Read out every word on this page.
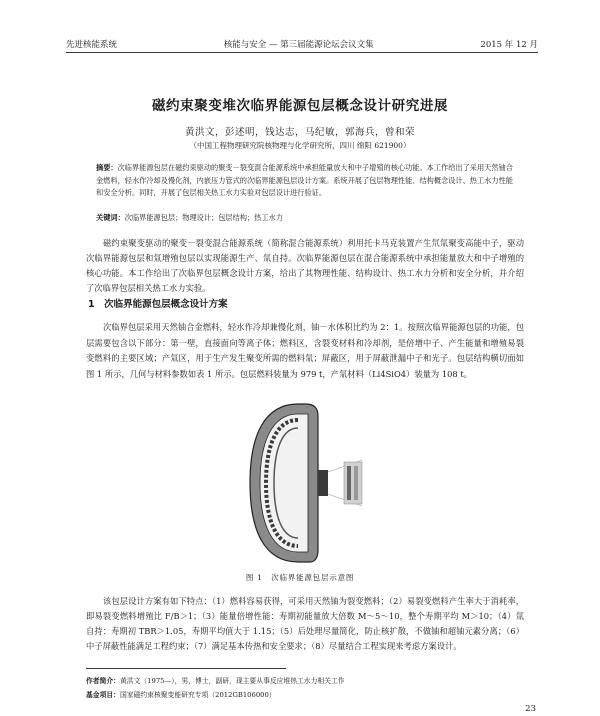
先进核能系统	核能与安全 — 第三届能源论坛会议文集	2015 年 12 月
磁约束聚变堆次临界能源包层概念设计研究进展
黄洪文，彭述明，钱达志，马纪敏，郭海兵，曾和荣
（中国工程物理研究院核物理与化学研究所，四川 绵阳 621900）
摘要：次临界能源包层在磁约束驱动的聚变－裂变混合能源系统中承担能量放大和中子增殖的核心功能。本工作给出了采用天然铀合金燃料，轻水作冷却及慢化剂，内嵌压力管式的次临界能源包层设计方案。系统开展了包层物理性能、结构概念设计、热工水力性能和安全分析。同时，开展了包层相关热工水力实验对包层设计进行验证。
关键词：次临界能源包层；物理设计；包层结构；热工水力
磁约束聚变驱动的聚变－裂变混合能源系统（简称混合能源系统）利用托卡马克装置产生氘氚聚变高能中子，驱动次临界能源包层和氚增殖包层以实现能源生产、氚自持。次临界能源包层在混合能源系统中承担能量放大和中子增殖的核心功能。本工作给出了次临界包层概念设计方案，给出了其物理性能、结构设计、热工水力分析和安全分析，并介绍了次临界包层相关热工水力实验。
1　次临界能源包层概念设计方案
次临界包层采用天然铀合金燃料，轻水作冷却兼慢化剂，铀－水体积比约为 2：1。按照次临界能源包层的功能，包层需要包含以下部分：第一壁，直接面向等离子体；燃料区，含裂变材料和冷却剂，是倍增中子、产生能量和增殖易裂变燃料的主要区域；产氚区，用于生产发生聚变所需的燃料氚；屏蔽区，用于屏蔽泄漏中子和光子。包层结构横切面如图 1 所示，几何与材料参数如表 1 所示。包层燃料装量为 979 t，产氚材料（Li4SiO4）装量为 108 t。
图 1　次临界能源包层示意图
该包层设计方案有如下特点：（1）燃料容易获得，可采用天然铀为裂变燃料；（2）易裂变燃料产生率大于消耗率，即易裂变燃料增殖比 F/B＞1；（3）能量倍增性能：寿期初能量放大倍数 M～5～10，整个寿期平均 M＞10；（4）氚自持：寿期初 TBR＞1.05，寿期平均值大于 1.15；（5）后处理尽量简化，防止核扩散，不做铀和超铀元素分离；（6）中子屏蔽性能满足工程约束；（7）满足基本传热和安全要求；（8）尽量结合工程实现来考虑方案设计。
作者简介：黄洪文（1975—），男，博士，副研，现主要从事反应堆热工水力相关工作
基金项目：国家磁约束核聚变能研究专项（2012GB106000）
23
